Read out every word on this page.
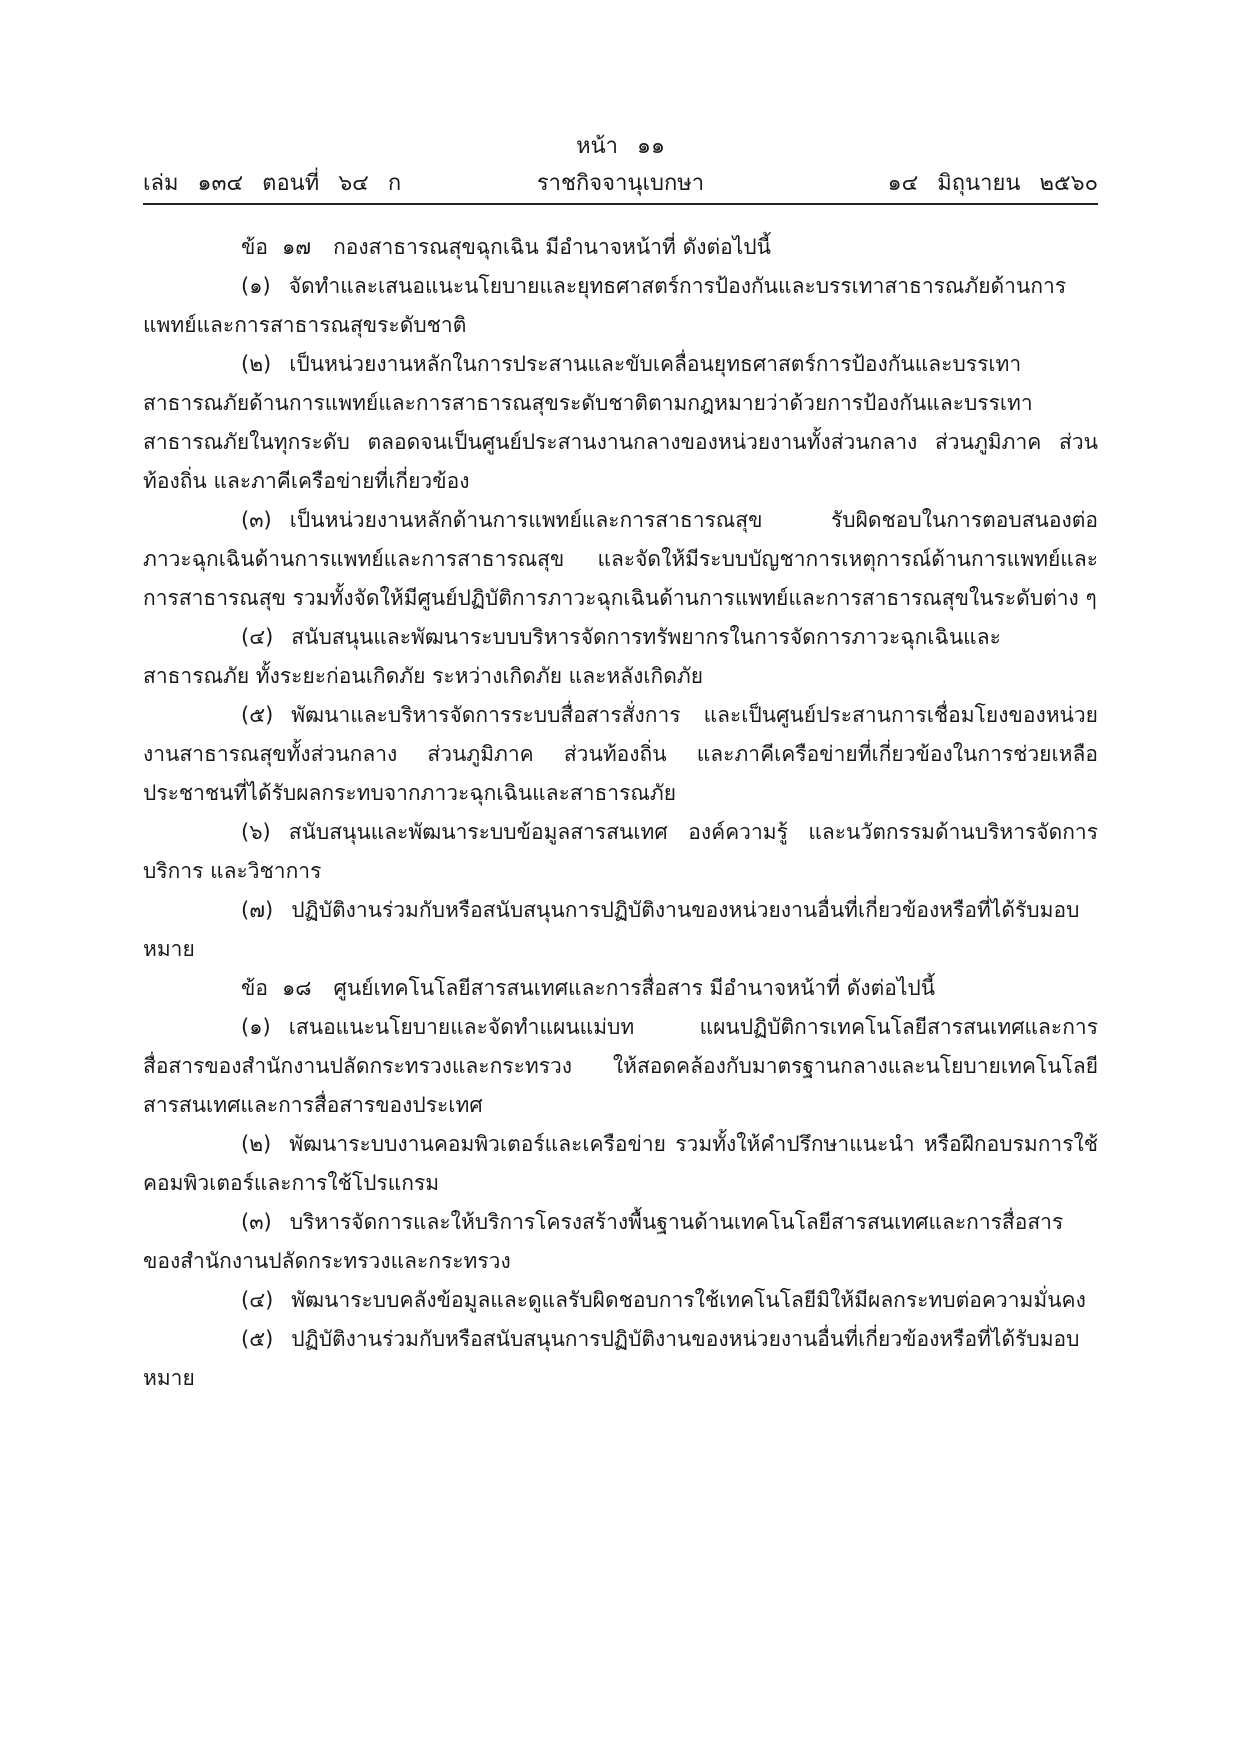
หน้า ๑๑
เล่ม ๑๓๔ ตอนที่ ๖๔ ก	ราชกิจจานุเบกษา	๑๔ มิถุนายน ๒๕๖๐

ข้อ ๑๗ กองสาธารณสุขฉุกเฉิน มีอำนาจหน้าที่ ดังต่อไปนี้

(๑) จัดทำและเสนอแนะนโยบายและยุทธศาสตร์การป้องกันและบรรเทาสาธารณภัยด้านการแพทย์และการสาธารณสุขระดับชาติ

(๒) เป็นหน่วยงานหลักในการประสานและขับเคลื่อนยุทธศาสตร์การป้องกันและบรรเทาสาธารณภัยด้านการแพทย์และการสาธารณสุขระดับชาติตามกฎหมายว่าด้วยการป้องกันและบรรเทาสาธารณภัยในทุกระดับ ตลอดจนเป็นศูนย์ประสานงานกลางของหน่วยงานทั้งส่วนกลาง ส่วนภูมิภาค ส่วนท้องถิ่น และภาคีเครือข่ายที่เกี่ยวข้อง

(๓) เป็นหน่วยงานหลักด้านการแพทย์และการสาธารณสุข รับผิดชอบในการตอบสนองต่อภาวะฉุกเฉินด้านการแพทย์และการสาธารณสุข และจัดให้มีระบบบัญชาการเหตุการณ์ด้านการแพทย์และการสาธารณสุข รวมทั้งจัดให้มีศูนย์ปฏิบัติการภาวะฉุกเฉินด้านการแพทย์และการสาธารณสุขในระดับต่าง ๆ

(๔) สนับสนุนและพัฒนาระบบบริหารจัดการทรัพยากรในการจัดการภาวะฉุกเฉินและสาธารณภัย ทั้งระยะก่อนเกิดภัย ระหว่างเกิดภัย และหลังเกิดภัย

(๕) พัฒนาและบริหารจัดการระบบสื่อสารสั่งการ และเป็นศูนย์ประสานการเชื่อมโยงของหน่วยงานสาธารณสุขทั้งส่วนกลาง ส่วนภูมิภาค ส่วนท้องถิ่น และภาคีเครือข่ายที่เกี่ยวข้องในการช่วยเหลือประชาชนที่ได้รับผลกระทบจากภาวะฉุกเฉินและสาธารณภัย

(๖) สนับสนุนและพัฒนาระบบข้อมูลสารสนเทศ องค์ความรู้ และนวัตกรรมด้านบริหารจัดการบริการ และวิชาการ

(๗) ปฏิบัติงานร่วมกับหรือสนับสนุนการปฏิบัติงานของหน่วยงานอื่นที่เกี่ยวข้องหรือที่ได้รับมอบหมาย

ข้อ ๑๘ ศูนย์เทคโนโลยีสารสนเทศและการสื่อสาร มีอำนาจหน้าที่ ดังต่อไปนี้

(๑) เสนอแนะนโยบายและจัดทำแผนแม่บท แผนปฏิบัติการเทคโนโลยีสารสนเทศและการสื่อสารของสำนักงานปลัดกระทรวงและกระทรวง ให้สอดคล้องกับมาตรฐานกลางและนโยบายเทคโนโลยีสารสนเทศและการสื่อสารของประเทศ

(๒) พัฒนาระบบงานคอมพิวเตอร์และเครือข่าย รวมทั้งให้คำปรึกษาแนะนำ หรือฝึกอบรมการใช้คอมพิวเตอร์และการใช้โปรแกรม

(๓) บริหารจัดการและให้บริการโครงสร้างพื้นฐานด้านเทคโนโลยีสารสนเทศและการสื่อสารของสำนักงานปลัดกระทรวงและกระทรวง

(๔) พัฒนาระบบคลังข้อมูลและดูแลรับผิดชอบการใช้เทคโนโลยีมิให้มีผลกระทบต่อความมั่นคง

(๕) ปฏิบัติงานร่วมกับหรือสนับสนุนการปฏิบัติงานของหน่วยงานอื่นที่เกี่ยวข้องหรือที่ได้รับมอบหมาย
